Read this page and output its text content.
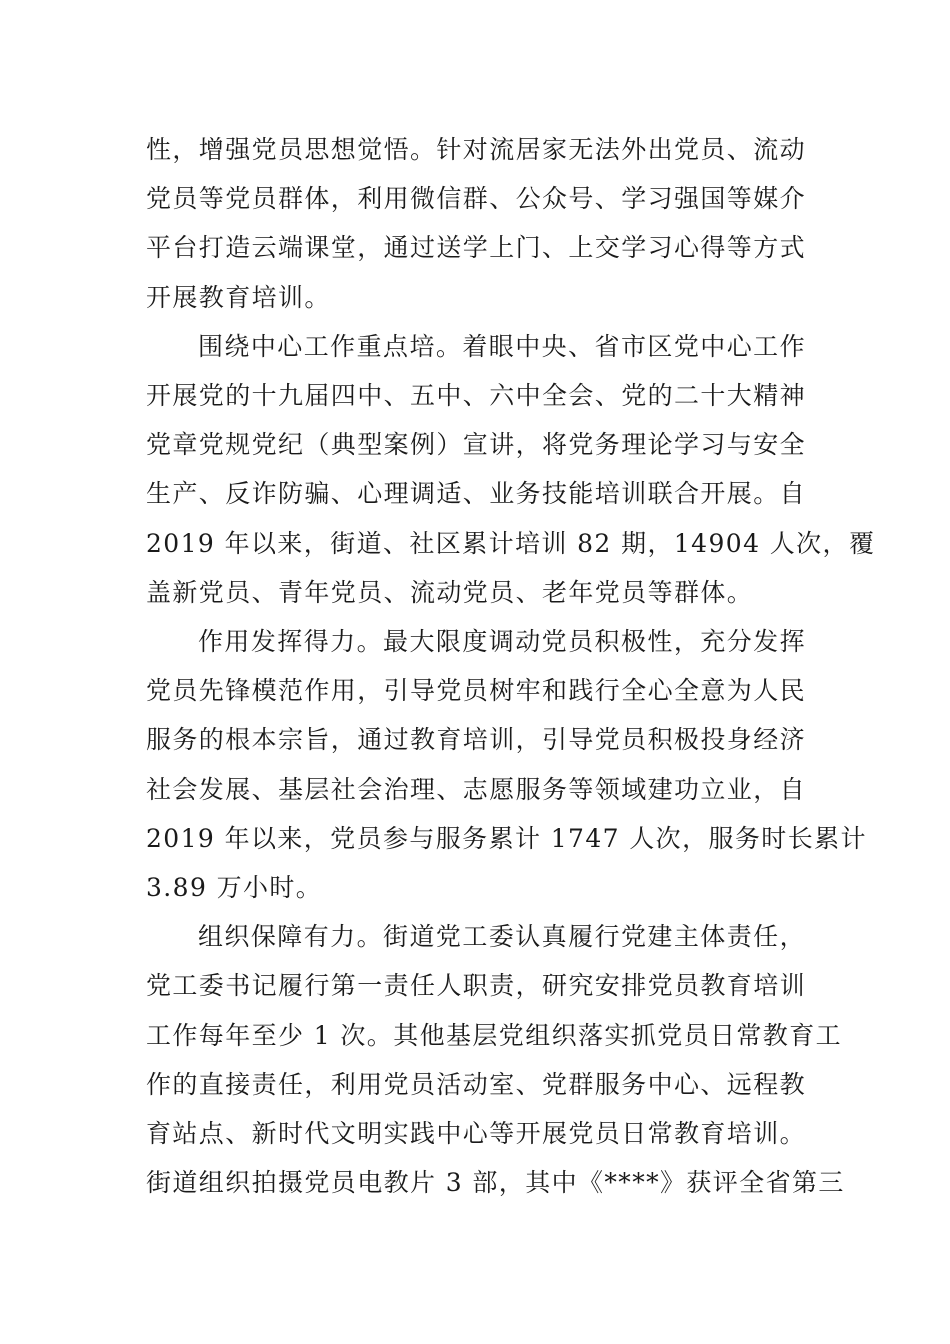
性，增强党员思想觉悟。针对流居家无法外出党员、流动
党员等党员群体，利用微信群、公众号、学习强国等媒介
平台打造云端课堂，通过送学上门、上交学习心得等方式
开展教育培训。

围绕中心工作重点培。着眼中央、省市区党中心工作
开展党的十九届四中、五中、六中全会、党的二十大精神
党章党规党纪（典型案例）宣讲，将党务理论学习与安全
生产、反诈防骗、心理调适、业务技能培训联合开展。自
2019 年以来，街道、社区累计培训 82 期，14904 人次，覆
盖新党员、青年党员、流动党员、老年党员等群体。

作用发挥得力。最大限度调动党员积极性，充分发挥
党员先锋模范作用，引导党员树牢和践行全心全意为人民
服务的根本宗旨，通过教育培训，引导党员积极投身经济
社会发展、基层社会治理、志愿服务等领域建功立业，自
2019 年以来，党员参与服务累计 1747 人次，服务时长累计
3.89 万小时。

组织保障有力。街道党工委认真履行党建主体责任，
党工委书记履行第一责任人职责，研究安排党员教育培训
工作每年至少 1 次。其他基层党组织落实抓党员日常教育工
作的直接责任，利用党员活动室、党群服务中心、远程教
育站点、新时代文明实践中心等开展党员日常教育培训。
街道组织拍摄党员电教片 3 部，其中《****》获评全省第三
